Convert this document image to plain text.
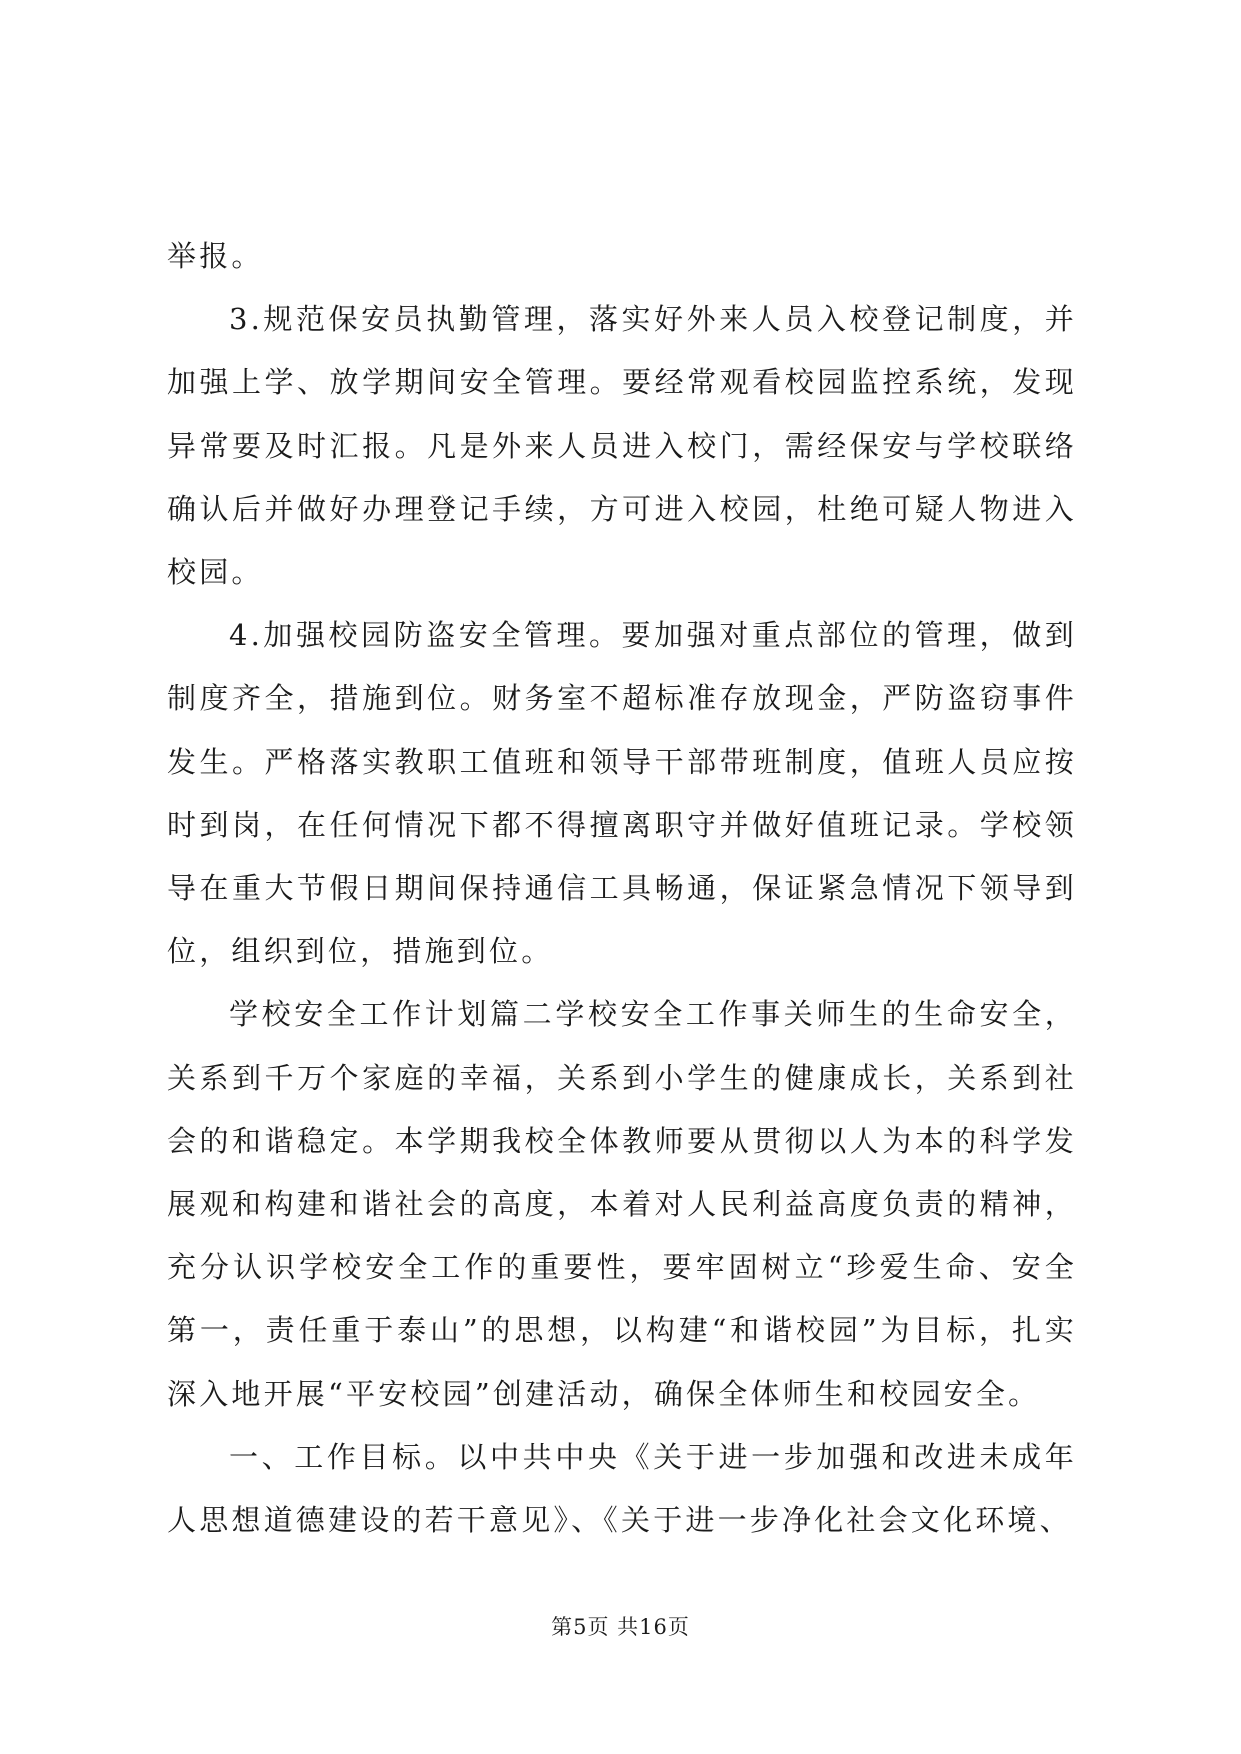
举报。

3.规范保安员执勤管理，落实好外来人员入校登记制度，并加强上学、放学期间安全管理。要经常观看校园监控系统，发现异常要及时汇报。凡是外来人员进入校门，需经保安与学校联络确认后并做好办理登记手续，方可进入校园，杜绝可疑人物进入校园。

4.加强校园防盗安全管理。要加强对重点部位的管理，做到制度齐全，措施到位。财务室不超标准存放现金，严防盗窃事件发生。严格落实教职工值班和领导干部带班制度，值班人员应按时到岗，在任何情况下都不得擅离职守并做好值班记录。学校领导在重大节假日期间保持通信工具畅通，保证紧急情况下领导到位，组织到位，措施到位。

学校安全工作计划篇二学校安全工作事关师生的生命安全，关系到千万个家庭的幸福，关系到小学生的健康成长，关系到社会的和谐稳定。本学期我校全体教师要从贯彻以人为本的科学发展观和构建和谐社会的高度，本着对人民利益高度负责的精神，充分认识学校安全工作的重要性，要牢固树立“珍爱生命、安全第一，责任重于泰山”的思想，以构建“和谐校园”为目标，扎实深入地开展“平安校园”创建活动，确保全体师生和校园安全。

一、工作目标。以中共中央《关于进一步加强和改进未成年人思想道德建设的若干意见》、《关于进一步净化社会文化环境、

第5页 共16页
